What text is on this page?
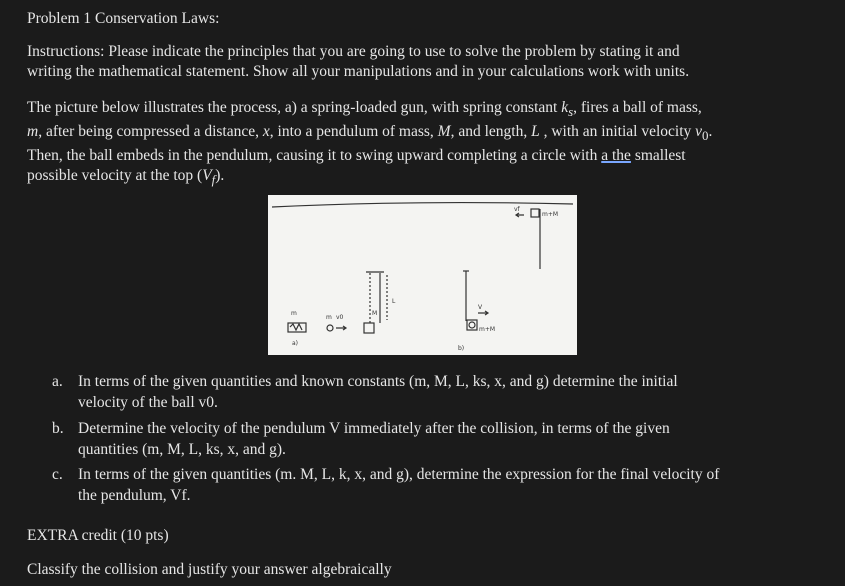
Problem 1 Conservation Laws:
Instructions: Please indicate the principles that you are going to use to solve the problem by stating it and
writing the mathematical statement. Show all your manipulations and in your calculations work with units.
The picture below illustrates the process, a) a spring-loaded gun, with spring constant $k_s$, fires a ball of mass,
m, after being compressed a distance, x, into a pendulum of mass, M, and length, L , with an initial velocity $v_0$.
Then, the ball embeds in the pendulum, causing it to swing upward completing a circle with a the smallest
possible velocity at the top $(V_f)$.
a)
b)
m
m v0
M
L
V
m+M
m+M
vf
a. In terms of the given quantities and known constants (m, M, L, ks, x, and g) determine the initial
velocity of the ball v0.
b. Determine the velocity of the pendulum V immediately after the collision, in terms of the given
quantities (m, M, L, ks, x, and g).
c. In terms of the given quantities (m. M, L, k, x, and g), determine the expression for the final velocity of
the pendulum, Vf.
EXTRA credit (10 pts)
Classify the collision and justify your answer algebraically
